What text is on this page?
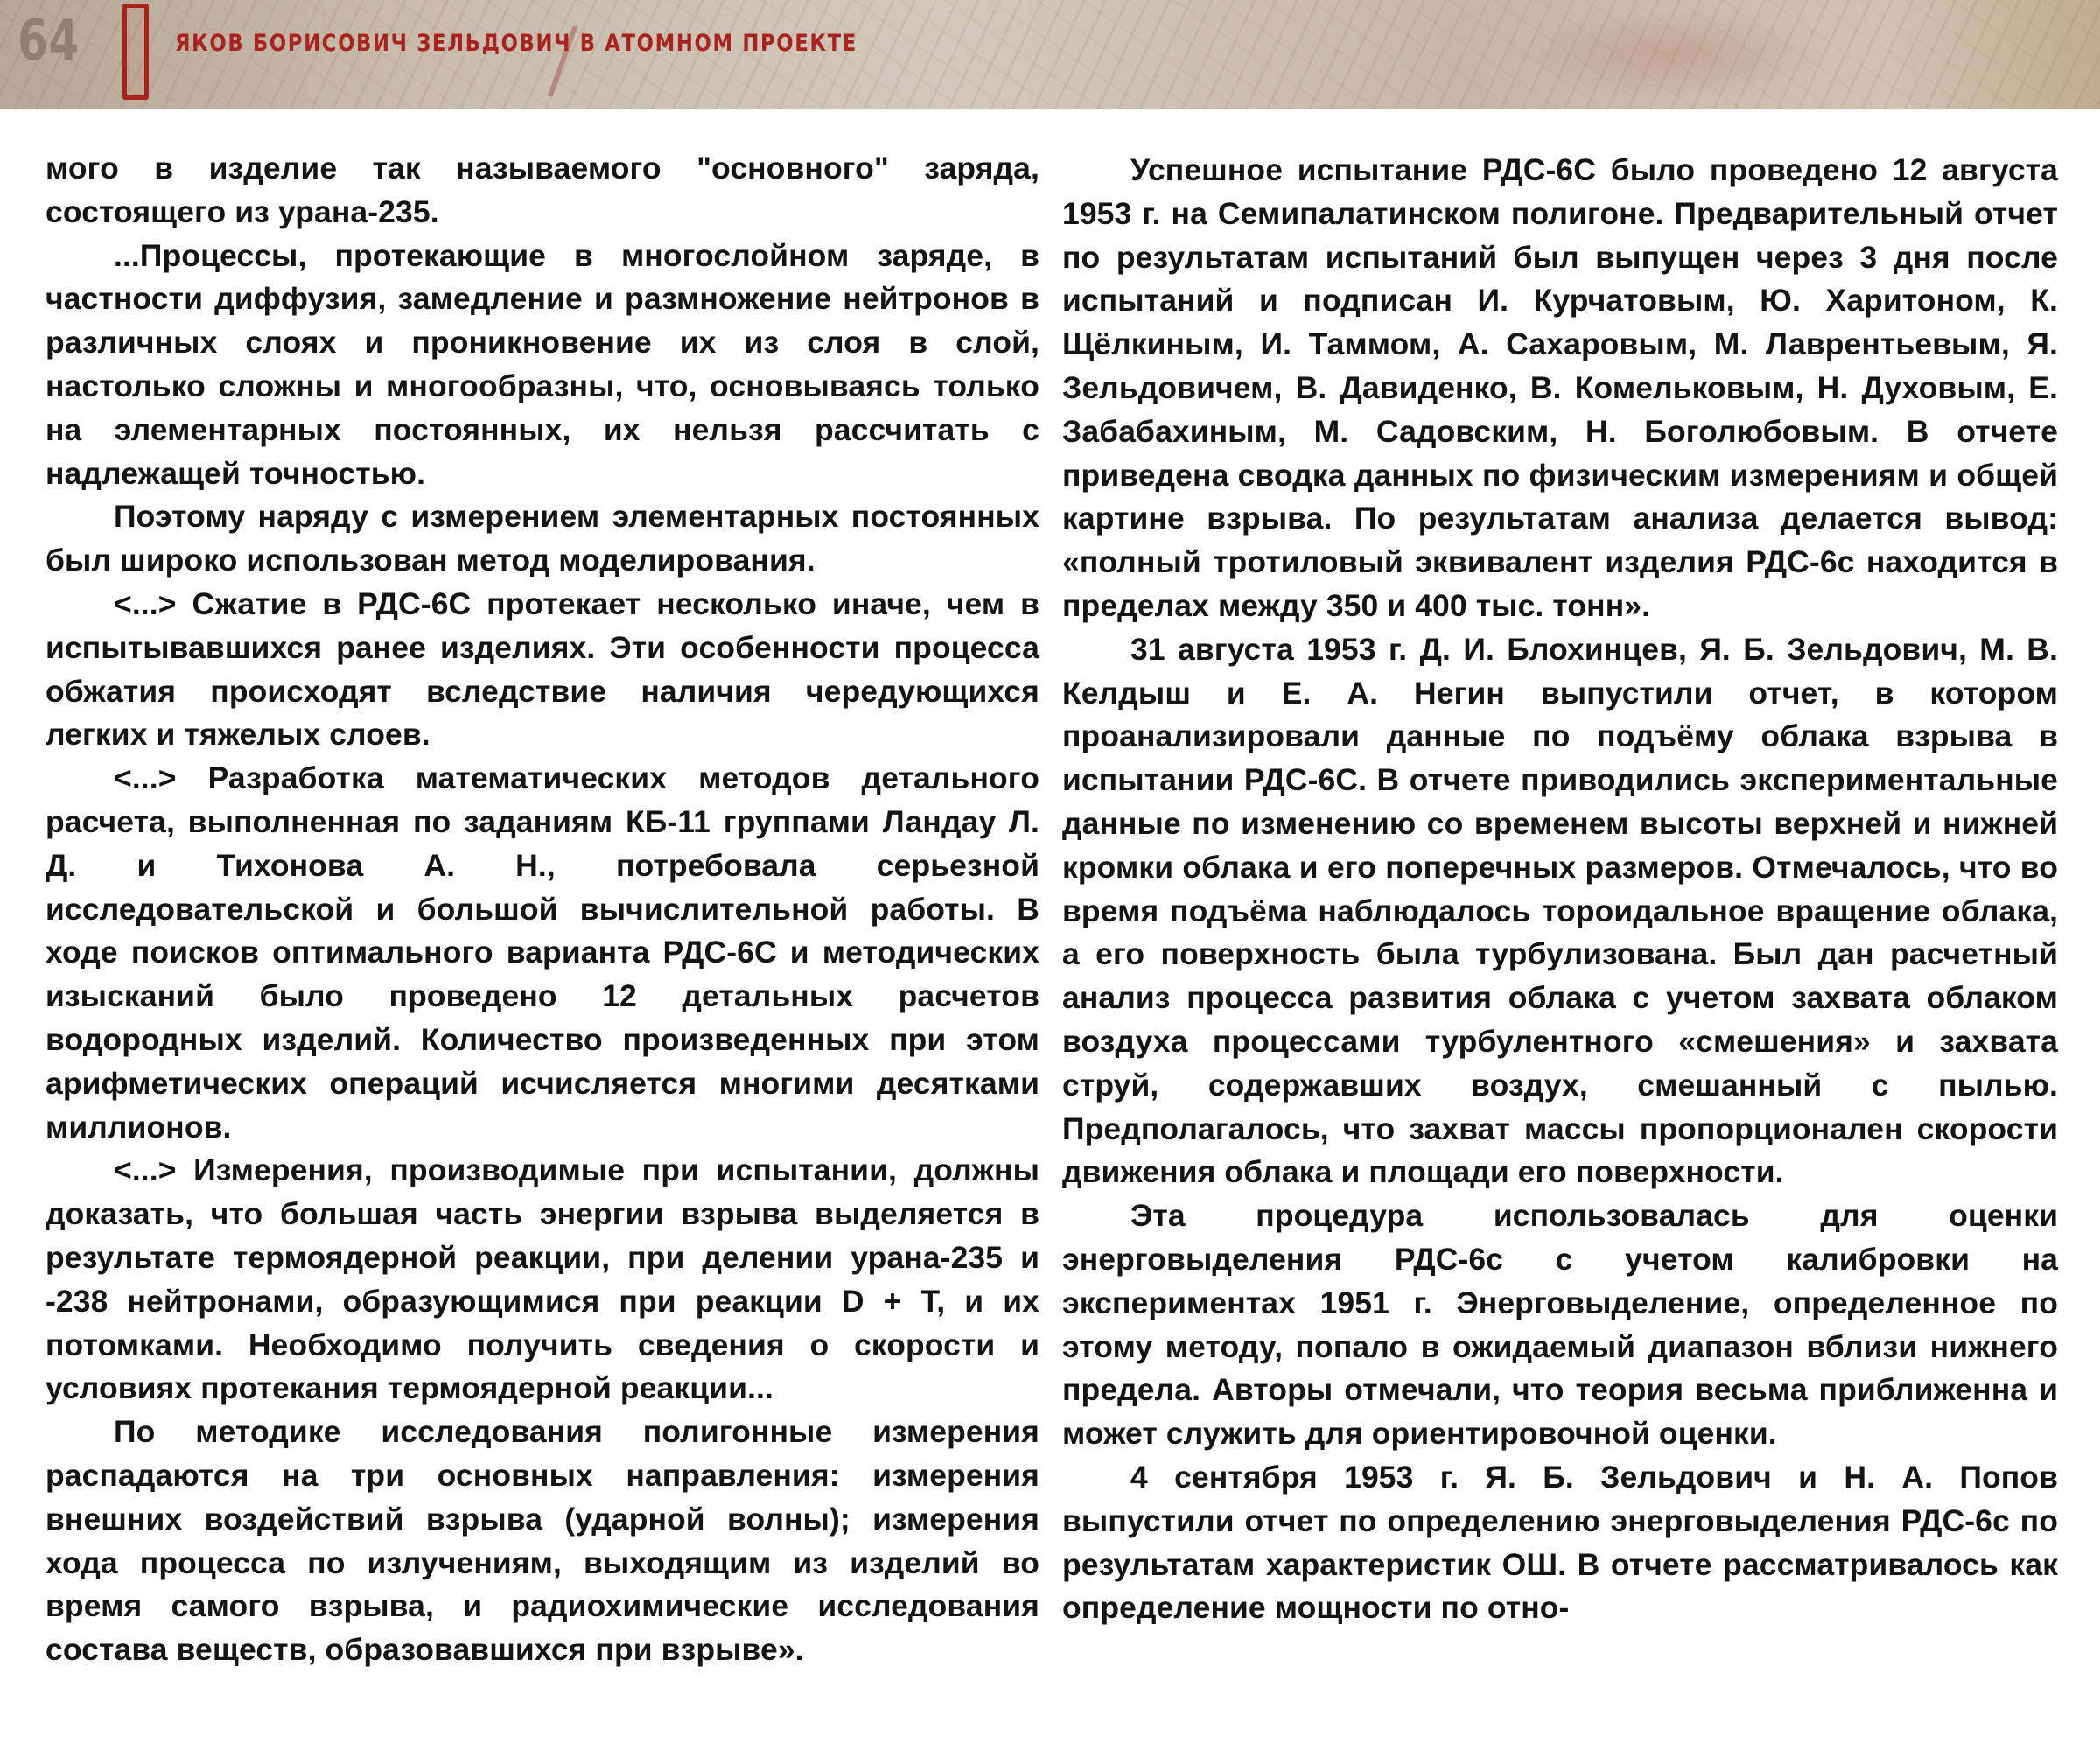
64	ЯКОВ БОРИСОВИЧ ЗЕЛЬДОВИЧ В АТОМНОМ ПРОЕКТЕ

мого в изделие так называемого "основного" заряда, состоящего из урана-235.

...Процессы, протекающие в многослойном заряде, в частности диффузия, замедление и размножение нейтронов в различных слоях и проникновение их из слоя в слой, настолько сложны и многообразны, что, основываясь только на элементарных постоянных, их нельзя рассчитать с надлежащей точностью.

Поэтому наряду с измерением элементарных постоянных был широко использован метод моделирования.

<...> Сжатие в РДС-6С протекает несколько иначе, чем в испытывавшихся ранее изделиях. Эти особенности процесса обжатия происходят вследствие наличия чередующихся легких и тяжелых слоев.

<...> Разработка математических методов детального расчета, выполненная по заданиям КБ-11 группами Ландау Л. Д. и Тихонова А. Н., потребовала серьезной исследовательской и большой вычислительной работы. В ходе поисков оптимального варианта РДС-6С и методических изысканий было проведено 12 детальных расчетов водородных изделий. Количество произведенных при этом арифметических операций исчисляется многими десятками миллионов.

<...> Измерения, производимые при испытании, должны доказать, что большая часть энергии взрыва выделяется в результате термоядерной реакции, при делении урана-235 и -238 нейтронами, образующимися при реакции D + T, и их потомками. Необходимо получить сведения о скорости и условиях протекания термоядерной реакции...

По методике исследования полигонные измерения распадаются на три основных направления: измерения внешних воздействий взрыва (ударной волны); измерения хода процесса по излучениям, выходящим из изделий во время самого взрыва, и радиохимические исследования состава веществ, образовавшихся при взрыве».

Успешное испытание РДС-6С было проведено 12 августа 1953 г. на Семипалатинском полигоне. Предварительный отчет по результатам испытаний был выпущен через 3 дня после испытаний и подписан И. Курчатовым, Ю. Харитоном, К. Щёлкиным, И. Таммом, А. Сахаровым, М. Лаврентьевым, Я. Зельдовичем, В. Давиденко, В. Комельковым, Н. Духовым, Е. Забабахиным, М. Садовским, Н. Боголюбовым. В отчете приведена сводка данных по физическим измерениям и общей картине взрыва. По результатам анализа делается вывод: «полный тротиловый эквивалент изделия РДС-6с находится в пределах между 350 и 400 тыс. тонн».

31 августа 1953 г. Д. И. Блохинцев, Я. Б. Зельдович, М. В. Келдыш и Е. А. Негин выпустили отчет, в котором проанализировали данные по подъёму облака взрыва в испытании РДС-6С. В отчете приводились экспериментальные данные по изменению со временем высоты верхней и нижней кромки облака и его поперечных размеров. Отмечалось, что во время подъёма наблюдалось тороидальное вращение облака, а его поверхность была турбулизована. Был дан расчетный анализ процесса развития облака с учетом захвата облаком воздуха процессами турбулентного «смешения» и захвата струй, содержавших воздух, смешанный с пылью. Предполагалось, что захват массы пропорционален скорости движения облака и площади его поверхности.

Эта процедура использовалась для оценки энерговыделения РДС-6с с учетом калибровки на экспериментах 1951 г. Энерговыделение, определенное по этому методу, попало в ожидаемый диапазон вблизи нижнего предела. Авторы отмечали, что теория весьма приближенна и может служить для ориентировочной оценки.

4 сентября 1953 г. Я. Б. Зельдович и Н. А. Попов выпустили отчет по определению энерговыделения РДС-6с по результатам характеристик ОШ. В отчете рассматривалось как определение мощности по отно-
